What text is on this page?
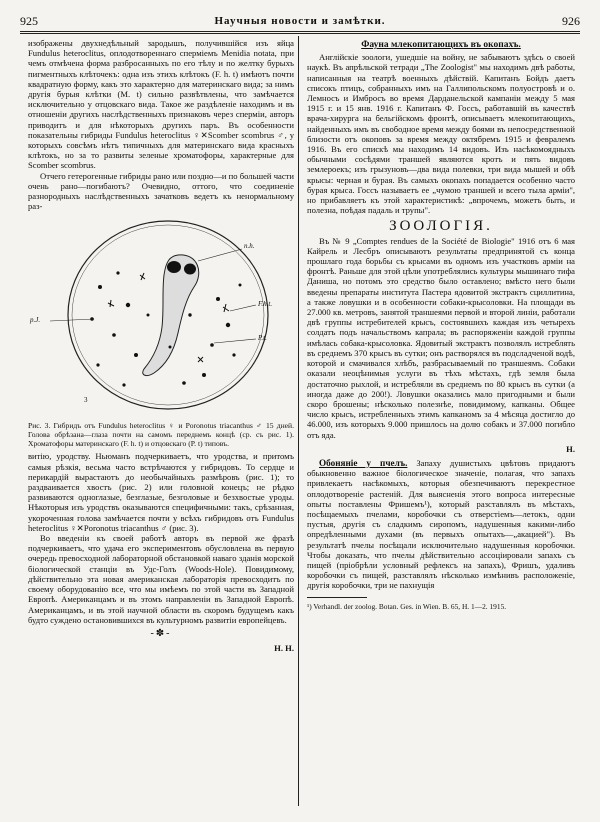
925	Научныя новости и замѣтки.	926

изображены двухнедѣльный зародышъ, получившійся изъ яйца Fundulus heteroclitus, оплодотвореннаго спермiемъ Menidia notata, при чемъ отмѣчена форма разбросанныхъ по его тѣлу и по желтку бурыхъ пигментныхъ клѣточекъ: одна изъ этихъ клѣтокъ (F. h. t) имѣютъ почти квадратную форму, какъ это характерно для материнскаго вида; за нимъ другія бурыя клѣтки (M. t) сильно развѣтвлены, что замѣчается исключительно у отцовскаго вида. Такое же раздѣленіе находимъ и въ отношеніи другихъ наслѣдственныхъ признаковъ через спермiи, авторъ приводитъ и для нѣкоторыхъ другихъ паръ. Въ особенности показательны гибриды Fundulus heteroclitus ♀✕Scomber scombrus ♂, у которыхъ совсѣмъ нѣтъ типичныхъ для материнскаго вида красныхъ клѣтокъ, но за то развиты зеленые хроматофоры, характерные для Scomber scombrus.

Отчего гетерогенные гибриды рано или поздно—и по большей части очень рано—погибаютъ? Очевидно, оттого, что соединеніе разнородныхъ наслѣдственныхъ зачатковъ ведетъ къ ненормальному раз-

n.h.
F.h.t.
P.t.
p.J.
3
Рис. 3. Гибридъ отъ Fundulus heteroclitus ♀ и Poronotus triacanthus ♂ 15 дней. Голова обрѣзана—глаза почти на самомъ переднемъ концѣ (ср. съ рис. 1). Хроматофоры материнскаго (F. h. t) и отцовскаго (P. t) типовъ.

витію, уродству. Ньюманъ подчеркиваетъ, что уродства, и притомъ самыя рѣзкія, весьма часто встрѣчаются у гибридовъ. То сердце и перикардій вырастаютъ до необычайныхъ размѣровъ (рис. 1); то раздваивается хвостъ (рис. 2) или головной конецъ; не рѣдко развиваются одноглазые, безглазые, безголовые и безхвостые уроды. Нѣкоторыя изъ уродствъ оказываются специфичными: такъ, срѣзанная, укороченная голова замѣчается почти у всѣхъ гибридовъ отъ Fundulus heteroclitus ♀✕Poronotus triacanthus ♂ (рис. 3).

Во введеніи къ своей работѣ авторъ въ первой же фразѣ подчеркиваетъ, что удача его экспериментовъ обусловлена въ первую очередь превосходной лабораторной обстановкой наваго зданія морской біологической станціи въ Удс-Голъ (Woods-Hole). Повидимому, дѣйствительно эта новая американская лабораторія превосходитъ по своему оборудованію все, что мы имѣемъ по этой части въ Западной Европѣ. Американцамъ и въ этомъ направленіи въ Западной Европѣ. Американцамъ, и въ этой научной области въ скоромъ будущемъ какъ будто суждено остановившихся въ культурномъ развитіи европейцевъ.

-✽-
Н. Н.
Фауна млекопитающихъ въ окопахъ.

Англійскіе зоологи, ушедшіе на войну, не забываютъ здѣсь о своей наукѣ. Въ апрѣльской тетради „The Zoologist" мы находимъ двѣ работы, написанныя на театрѣ военныхъ дѣйствій. Капитанъ Бойдъ даетъ списокъ птицъ, собранныхъ имъ на Галлипольскомъ полуостровѣ и о. Лемносъ и Имбросъ во время Дарданельской кампаніи между 5 мая 1915 г. и 15 янв. 1916 г. Капитанъ Ф. Госсъ, работавшій въ качествѣ врача-хирурга на бельгійскомъ фронтѣ, описываетъ млекопитающихъ, найденныхъ имъ въ свободное время между боями въ непосредственной близости отъ окоповъ за время между октябремъ 1915 и февралемъ 1916. Въ его спискѣ мы находимъ 14 видовъ. Изъ насѣкомоядныхъ обычными сосѣдями траншей являются кротъ и пять видовъ землероекъ; изъ грызуновъ—два вида полевки, три вида мышей и обѣ крысы: черная и бурая. Въ самыхъ окопахъ попадается особенно часто бурая крыса. Госсъ называетъ ее „чумою траншей и всего тыла арміи", но прибавляетъ къ этой характеристикѣ: „впрочемъ, можетъ быть, и полезна, поѣдая падаль и трупы".

ЗООЛОГІЯ.

Въ № 9 „Comptes rendues de la Société de Biologie" 1916 отъ 6 мая Кайрель и Лесбръ описываютъ результаты предпринятой съ конца прошлаго года борьбы съ крысами въ одномъ изъ участковъ арміи на фронтѣ. Раньше для этой цѣли употреблялись культуры мышинаго тифа Даниша, но потомъ это средство было оставлено; вмѣсто него были введены препараты института Пастера ядовитой экстрактъ сциллитина, а также ловушки и в особенности собаки-крысоловки. На площади въ 27.000 кв. метровъ, занятой траншеями первой и второй линіи, работали двѣ группы истребителей крысъ, состоявшихъ каждая изъ четырехъ солдатъ подъ начальствомъ капрала; въ распоряженіи каждой группы имѣлась собака-крысоловка. Ядовитый экстрактъ позволялъ истреблять въ среднемъ 370 крысъ въ сутки; онъ растворялся въ подсладченой водѣ, которой и смачивался хлѣбъ, разбрасываемый по траншеямъ. Собаки оказали неоцѣнимыя услуги въ тѣхъ мѣстахъ, гдѣ земля была достаточно рыхлой, и истребляли въ среднемъ по 80 крысъ въ сутки (а иногда даже до 200!). Ловушки оказались мало пригодными и были скоро брошены; нѣсколько полезнѣе, повидимому, капканы. Общее число крысъ, истребленныхъ этимъ капканомъ за 4 мѣсяца достигло до 46.000, изъ которыхъ 9.000 пришлось на долю собакъ и 37.000 погибло отъ яда.

Н.

Обоняніе у пчелъ. Запаху душистыхъ цвѣтовъ придаютъ обыкновенно важное біологическое значеніе, полагая, что запахъ привлекаетъ насѣкомыхъ, которыя обезпечиваютъ перекрестное оплодотвореніе растеній. Для выясненія этого вопроса интересные опыты поставлены Фришемъ¹), который разставлялъ въ мѣстахъ, посѣщаемыхъ пчелами, коробочки съ отверстіемъ—летокъ, одни пустыя, другія съ сладкимъ сиропомъ, надушенныя какими-либо опредѣленными духами (въ первыхъ опытахъ—„акацией"). Въ результатѣ пчелы посѣщали исключительно надушенныя коробочки. Чтобы доказать, что пчелы дѣйствительно ассоціировали запахъ съ пищей (пріобрѣли условный рефлексъ на запахъ), Фришъ, удаливъ коробочки съ пищей, разставлялъ нѣсколько измѣнивъ расположеніе, другія коробочки, три не пахнущія

¹) Verhandl. der zoolog. Botan. Ges. in Wien. B. 65, H. 1—2. 1915.
